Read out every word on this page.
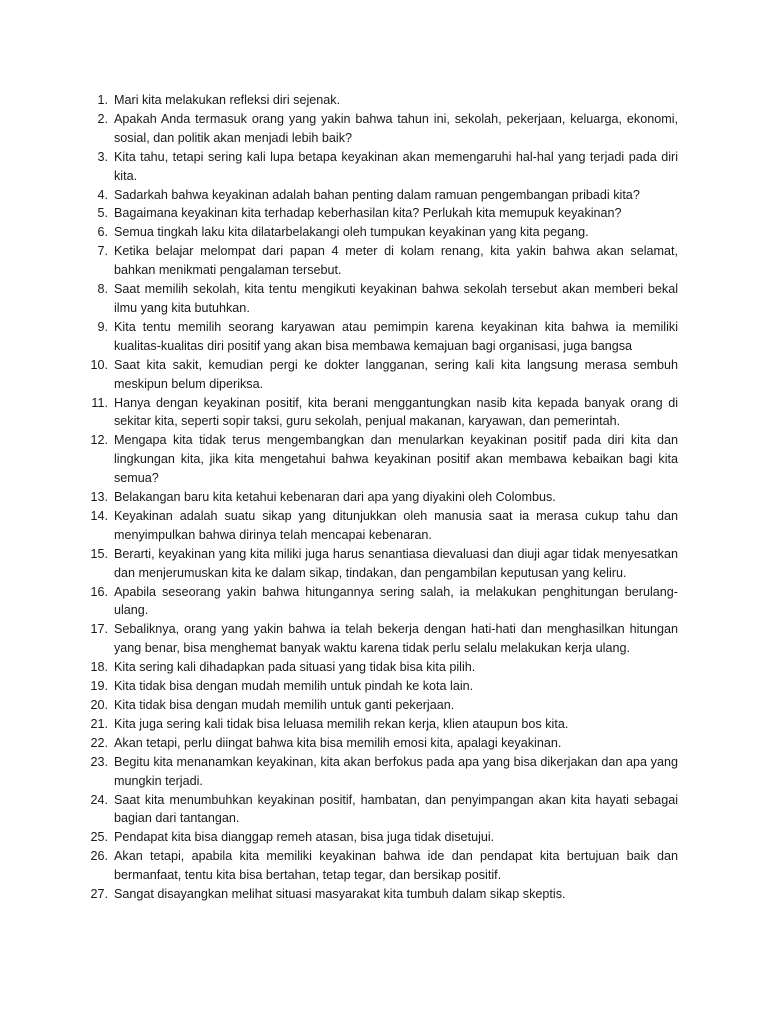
1. Mari kita melakukan refleksi diri sejenak.
2. Apakah Anda termasuk orang yang yakin bahwa tahun ini, sekolah, pekerjaan, keluarga, ekonomi, sosial, dan politik akan menjadi lebih baik?
3. Kita tahu, tetapi sering kali lupa betapa keyakinan akan memengaruhi hal-hal yang terjadi pada diri kita.
4. Sadarkah bahwa keyakinan adalah bahan penting dalam ramuan pengembangan pribadi kita?
5. Bagaimana keyakinan kita terhadap keberhasilan kita? Perlukah kita memupuk keyakinan?
6. Semua tingkah laku kita dilatarbelakangi oleh tumpukan keyakinan yang kita pegang.
7. Ketika belajar melompat dari papan 4 meter di kolam renang, kita yakin bahwa akan selamat, bahkan menikmati pengalaman tersebut.
8. Saat memilih sekolah, kita tentu mengikuti keyakinan bahwa sekolah tersebut akan memberi bekal ilmu yang kita butuhkan.
9. Kita tentu memilih seorang karyawan atau pemimpin karena keyakinan kita bahwa ia memiliki kualitas-kualitas diri positif yang akan bisa membawa kemajuan bagi organisasi, juga bangsa
10. Saat kita sakit, kemudian pergi ke dokter langganan, sering kali kita langsung merasa sembuh meskipun belum diperiksa.
11. Hanya dengan keyakinan positif, kita berani menggantungkan nasib kita kepada banyak orang di sekitar kita, seperti sopir taksi, guru sekolah, penjual makanan, karyawan, dan pemerintah.
12. Mengapa kita tidak terus mengembangkan dan menularkan keyakinan positif pada diri kita dan lingkungan kita, jika kita mengetahui bahwa keyakinan positif akan membawa kebaikan bagi kita semua?
13. Belakangan baru kita ketahui kebenaran dari apa yang diyakini oleh Colombus.
14. Keyakinan adalah suatu sikap yang ditunjukkan oleh manusia saat ia merasa cukup tahu dan menyimpulkan bahwa dirinya telah mencapai kebenaran.
15. Berarti, keyakinan yang kita miliki juga harus senantiasa dievaluasi dan diuji agar tidak menyesatkan dan menjerumuskan kita ke dalam sikap, tindakan, dan pengambilan keputusan yang keliru.
16. Apabila seseorang yakin bahwa hitungannya sering salah, ia melakukan penghitungan berulang-ulang.
17. Sebaliknya, orang yang yakin bahwa ia telah bekerja dengan hati-hati dan menghasilkan hitungan yang benar, bisa menghemat banyak waktu karena tidak perlu selalu melakukan kerja ulang.
18. Kita sering kali dihadapkan pada situasi yang tidak bisa kita pilih.
19. Kita tidak bisa dengan mudah memilih untuk pindah ke kota lain.
20. Kita tidak bisa dengan mudah memilih untuk ganti pekerjaan.
21. Kita juga sering kali tidak bisa leluasa memilih rekan kerja, klien ataupun bos kita.
22. Akan tetapi, perlu diingat bahwa kita bisa memilih emosi kita, apalagi keyakinan.
23. Begitu kita menanamkan keyakinan, kita akan berfokus pada apa yang bisa dikerjakan dan apa yang mungkin terjadi.
24. Saat kita menumbuhkan keyakinan positif, hambatan, dan penyimpangan akan kita hayati sebagai bagian dari tantangan.
25. Pendapat kita bisa dianggap remeh atasan, bisa juga tidak disetujui.
26. Akan tetapi, apabila kita memiliki keyakinan bahwa ide dan pendapat kita bertujuan baik dan bermanfaat, tentu kita bisa bertahan, tetap tegar, dan bersikap positif.
27. Sangat disayangkan melihat situasi masyarakat kita tumbuh dalam sikap skeptis.
